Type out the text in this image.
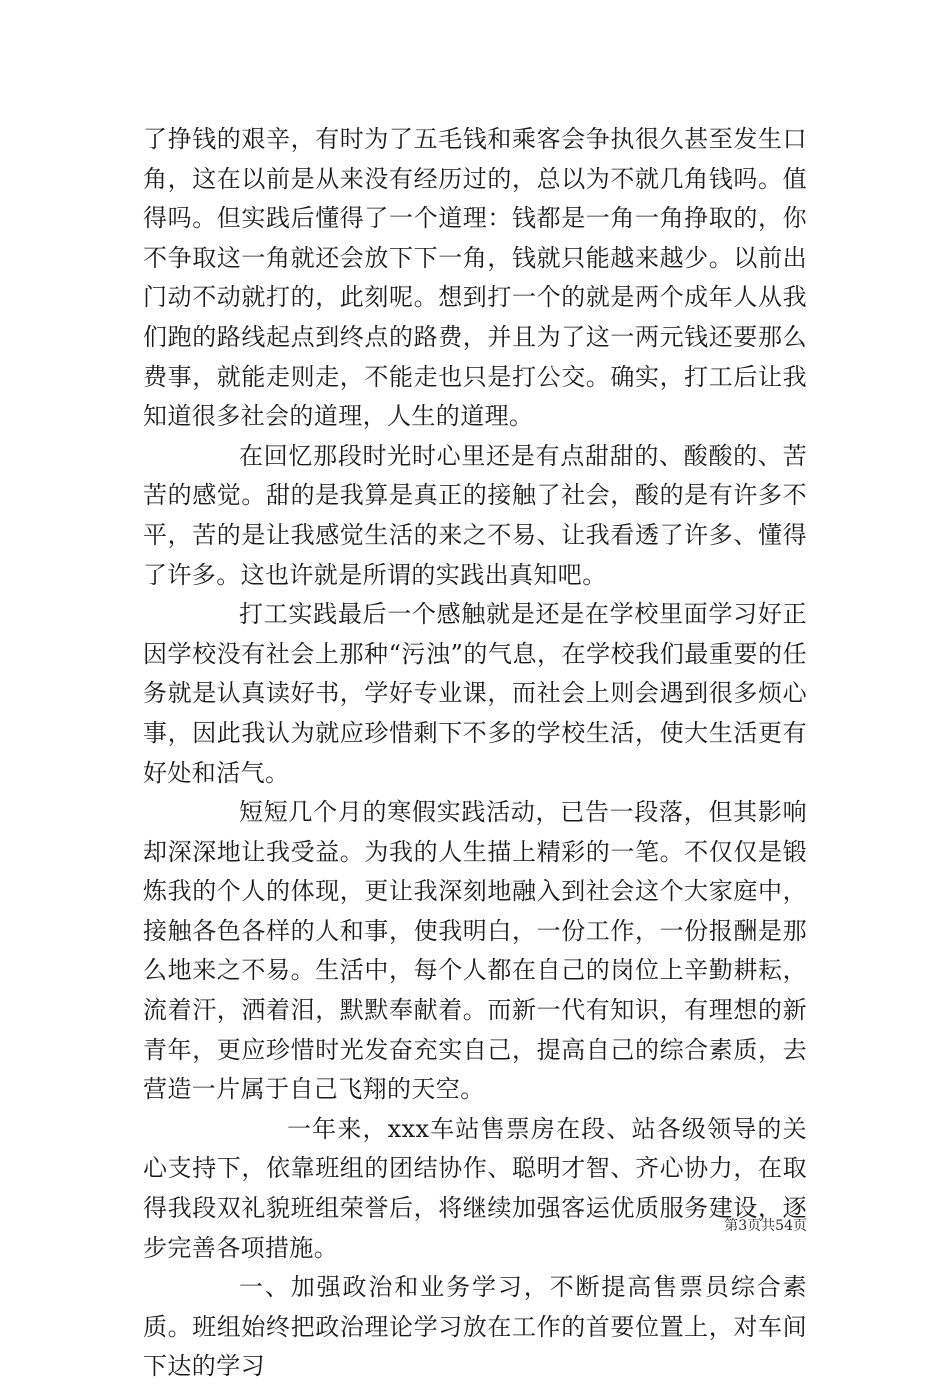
了挣钱的艰辛，有时为了五毛钱和乘客会争执很久甚至发生口角，这在以前是从来没有经历过的，总以为不就几角钱吗。值得吗。但实践后懂得了一个道理：钱都是一角一角挣取的，你不争取这一角就还会放下下一角，钱就只能越来越少。以前出门动不动就打的，此刻呢。想到打一个的就是两个成年人从我们跑的路线起点到终点的路费，并且为了这一两元钱还要那么费事，就能走则走，不能走也只是打公交。确实，打工后让我知道很多社会的道理，人生的道理。

在回忆那段时光时心里还是有点甜甜的、酸酸的、苦苦的感觉。甜的是我算是真正的接触了社会，酸的是有许多不平，苦的是让我感觉生活的来之不易、让我看透了许多、懂得了许多。这也许就是所谓的实践出真知吧。

打工实践最后一个感触就是还是在学校里面学习好正因学校没有社会上那种“污浊”的气息，在学校我们最重要的任务就是认真读好书，学好专业课，而社会上则会遇到很多烦心事，因此我认为就应珍惜剩下不多的学校生活，使大生活更有好处和活气。

短短几个月的寒假实践活动，已告一段落，但其影响却深深地让我受益。为我的人生描上精彩的一笔。不仅仅是锻炼我的个人的体现，更让我深刻地融入到社会这个大家庭中，接触各色各样的人和事，使我明白，一份工作，一份报酬是那么地来之不易。生活中，每个人都在自己的岗位上辛勤耕耘，流着汗，洒着泪，默默奉献着。而新一代有知识，有理想的新青年，更应珍惜时光发奋充实自己，提高自己的综合素质，去营造一片属于自己飞翔的天空。

一年来，xxx车站售票房在段、站各级领导的关心支持下，依靠班组的团结协作、聪明才智、齐心协力，在取得我段双礼貌班组荣誉后，将继续加强客运优质服务建设，逐步完善各项措施。

一、加强政治和业务学习，不断提高售票员综合素质。班组始终把政治理论学习放在工作的首要位置上，对车间下达的学习

第3页共54页
